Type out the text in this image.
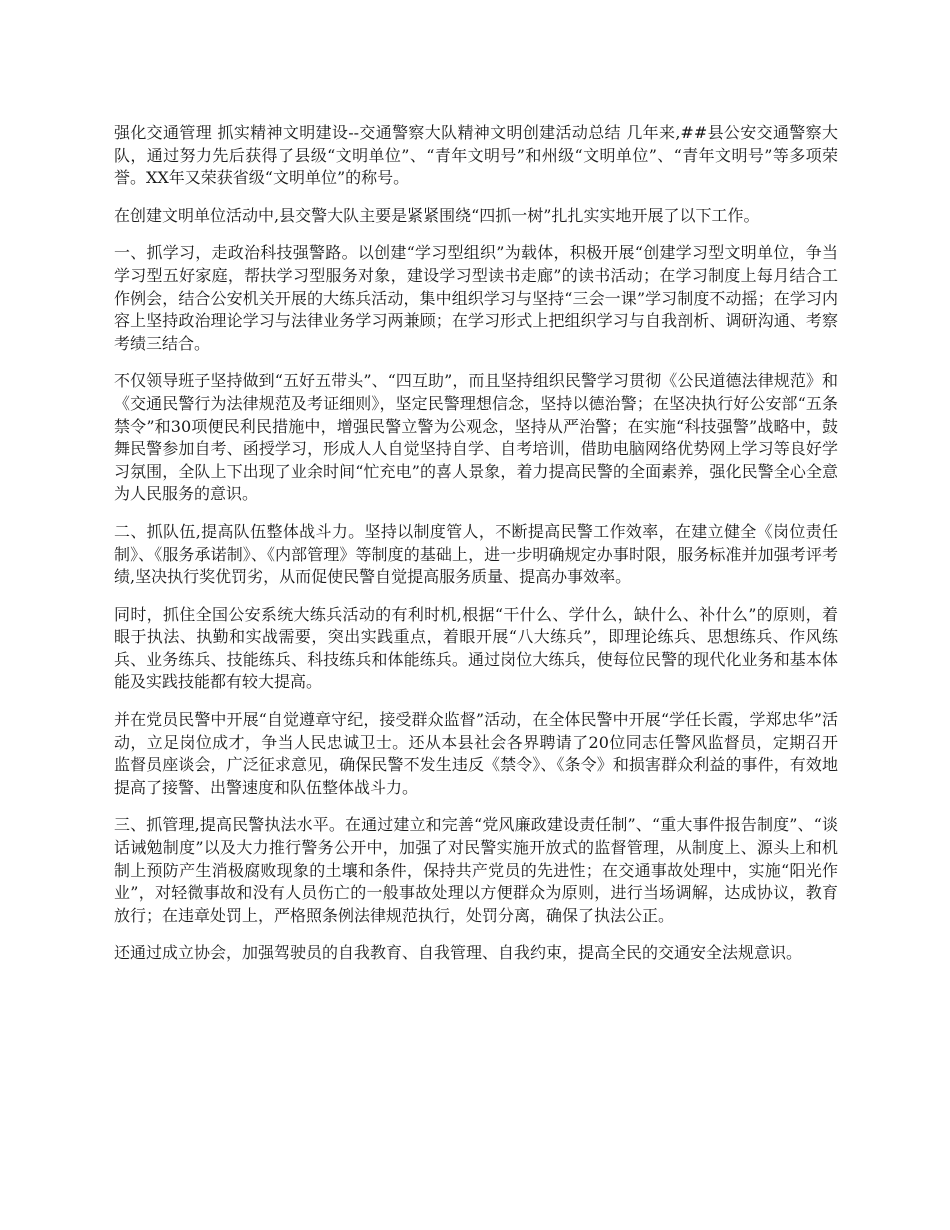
强化交通管理 抓实精神文明建设--交通警察大队精神文明创建活动总结 几年来,##县公安交通警察大队，通过努力先后获得了县级“文明单位”、“青年文明号”和州级“文明单位”、“青年文明号”等多项荣誉。XX年又荣获省级“文明单位”的称号。

在创建文明单位活动中,县交警大队主要是紧紧围绕“四抓一树”扎扎实实地开展了以下工作。

一、抓学习，走政治科技强警路。以创建“学习型组织”为载体，积极开展“创建学习型文明单位，争当学习型五好家庭，帮扶学习型服务对象，建设学习型读书走廊”的读书活动；在学习制度上每月结合工作例会，结合公安机关开展的大练兵活动，集中组织学习与坚持“三会一课”学习制度不动摇；在学习内容上坚持政治理论学习与法律业务学习两兼顾；在学习形式上把组织学习与自我剖析、调研沟通、考察考绩三结合。

不仅领导班子坚持做到“五好五带头”、“四互助”，而且坚持组织民警学习贯彻《公民道德法律规范》和《交通民警行为法律规范及考证细则》，坚定民警理想信念，坚持以德治警；在坚决执行好公安部“五条禁令”和30项便民利民措施中，增强民警立警为公观念，坚持从严治警；在实施“科技强警”战略中，鼓舞民警参加自考、函授学习，形成人人自觉坚持自学、自考培训，借助电脑网络优势网上学习等良好学习氛围，全队上下出现了业余时间“忙充电”的喜人景象，着力提高民警的全面素养，强化民警全心全意为人民服务的意识。

二、抓队伍,提高队伍整体战斗力。坚持以制度管人，不断提高民警工作效率，在建立健全《岗位责任制》、《服务承诺制》、《内部管理》等制度的基础上，进一步明确规定办事时限，服务标准并加强考评考绩,坚决执行奖优罚劣，从而促使民警自觉提高服务质量、提高办事效率。

同时，抓住全国公安系统大练兵活动的有利时机,根据“干什么、学什么，缺什么、补什么”的原则，着眼于执法、执勤和实战需要，突出实践重点，着眼开展“八大练兵”，即理论练兵、思想练兵、作风练兵、业务练兵、技能练兵、科技练兵和体能练兵。通过岗位大练兵，使每位民警的现代化业务和基本体能及实践技能都有较大提高。

并在党员民警中开展“自觉遵章守纪，接受群众监督”活动，在全体民警中开展“学任长霞，学郑忠华”活动，立足岗位成才，争当人民忠诚卫士。还从本县社会各界聘请了20位同志任警风监督员，定期召开监督员座谈会，广泛征求意见，确保民警不发生违反《禁令》、《条令》和损害群众利益的事件，有效地提高了接警、出警速度和队伍整体战斗力。

三、抓管理,提高民警执法水平。在通过建立和完善“党风廉政建设责任制”、“重大事件报告制度”、“谈话诫勉制度”以及大力推行警务公开中，加强了对民警实施开放式的监督管理，从制度上、源头上和机制上预防产生消极腐败现象的土壤和条件，保持共产党员的先进性；在交通事故处理中，实施“阳光作业”，对轻微事故和没有人员伤亡的一般事故处理以方便群众为原则，进行当场调解，达成协议，教育放行；在违章处罚上，严格照条例法律规范执行，处罚分离，确保了执法公正。

还通过成立协会，加强驾驶员的自我教育、自我管理、自我约束，提高全民的交通安全法规意识。
